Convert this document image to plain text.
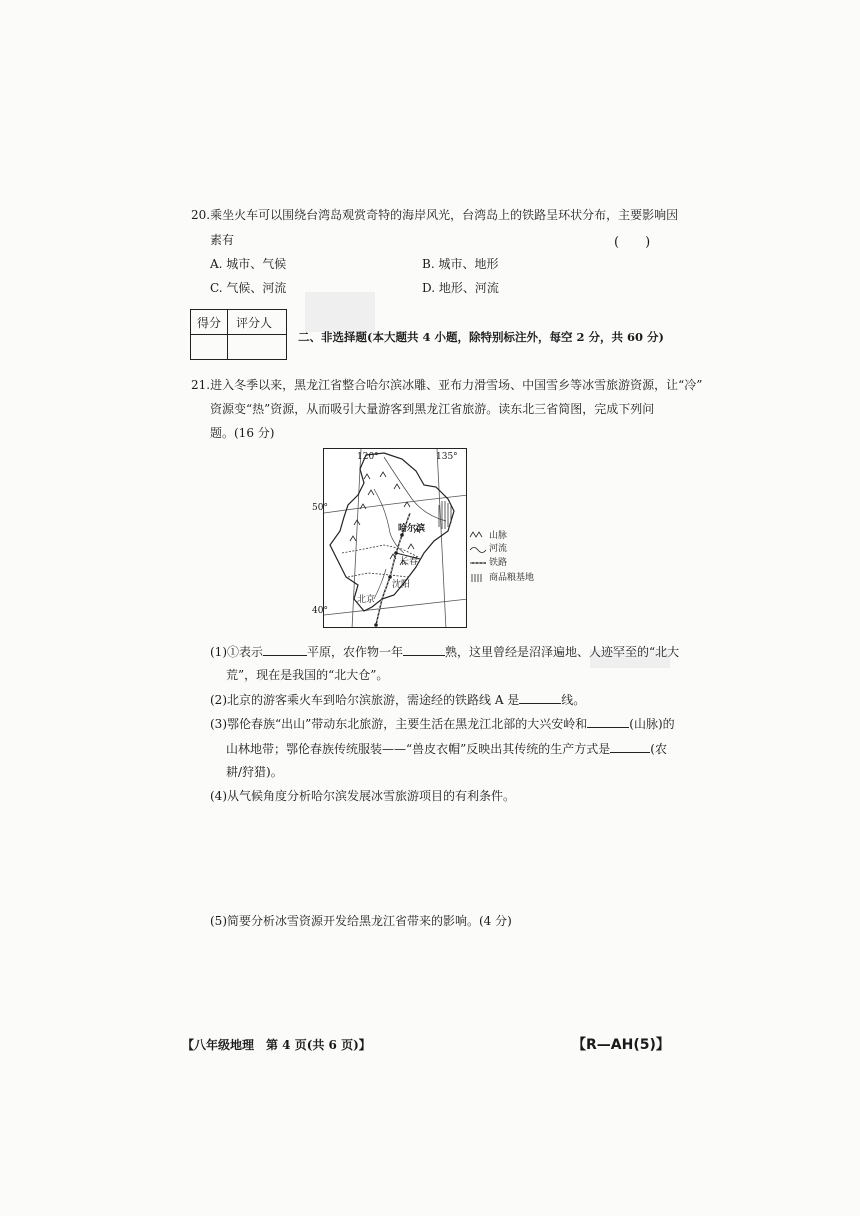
20.乘坐火车可以围绕台湾岛观赏奇特的海岸风光，台湾岛上的铁路呈环状分布，主要影响因
素有	(　　)
A. 城市、气候	B. 城市、地形
C. 气候、河流	D. 地形、河流
得分 评分人
二、非选择题(本大题共 4 小题，除特别标注外，每空 2 分，共 60 分)
21.进入冬季以来，黑龙江省整合哈尔滨冰雕、亚布力滑雪场、中国雪乡等冰雪旅游资源，让“冷”
资源变“热”资源，从而吸引大量游客到黑龙江省旅游。读东北三省简图，完成下列问
题。(16 分)
120°	135°
50°
40°
哈尔滨
长春
沈阳
北京
山脉
河流
铁路
商品粮基地
(1)①表示	平原，农作物一年	熟，这里曾经是沼泽遍地、人迹罕至的“北大
荒”，现在是我国的“北大仓”。
(2)北京的游客乘火车到哈尔滨旅游，需途经的铁路线 A 是	线。
(3)鄂伦春族“出山”带动东北旅游，主要生活在黑龙江北部的大兴安岭和	(山脉)的
山林地带；鄂伦春族传统服装——“兽皮衣帽”反映出其传统的生产方式是	(农
耕/狩猎)。
(4)从气候角度分析哈尔滨发展冰雪旅游项目的有利条件。
(5)简要分析冰雪资源开发给黑龙江省带来的影响。(4 分)
【八年级地理　第 4 页(共 6 页)】	【R—AH(5)】
